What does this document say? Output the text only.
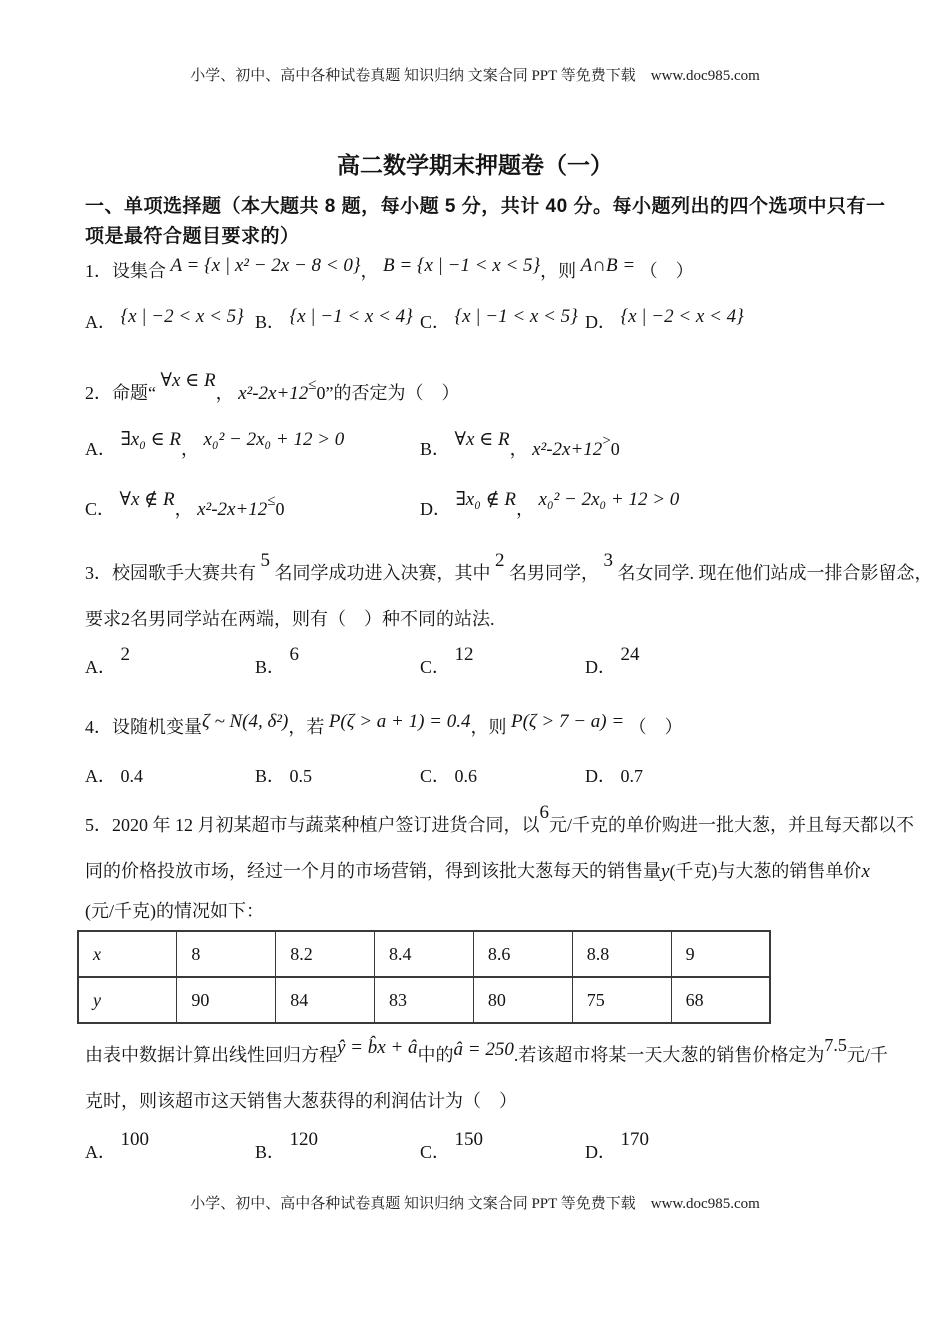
小学、初中、高中各种试卷真题 知识归纳 文案合同 PPT 等免费下载　www.doc985.com
高二数学期末押题卷（一）
一、单项选择题（本大题共 8 题，每小题 5 分，共计 40 分。每小题列出的四个选项中只有一
项是最符合题目要求的）
1．设集合 A = {x | x² − 2x − 8 < 0}， B = {x | −1 < x < 5}，则 A∩B = （　）
A． {x | −2 < x < 5} B． {x | −1 < x < 4} C． {x | −1 < x < 5} D． {x | −2 < x < 4}
2．命题“ ∀x ∈ R， x²-2x+12≤0”的否定为（　）
A． ∃x₀ ∈ R， x₀² − 2x₀ + 12 > 0	B． ∀x ∈ R， x²-2x+12>0
C． ∀x ∉ R， x²-2x+12≤0	D． ∃x₀ ∉ R， x₀² − 2x₀ + 12 > 0
3．校园歌手大赛共有 5 名同学成功进入决赛，其中 2 名男同学， 3 名女同学. 现在他们站成一排合影留念，
要求2名男同学站在两端，则有（　）种不同的站法.
A． 2
B． 6
C． 12
D． 24
4．设随机变量ζ ~ N(4, δ²)，若 P(ζ > a + 1) = 0.4，则 P(ζ > 7 − a) = （　）
A． 0.4	B． 0.5	C． 0.6	D． 0.7
5．2020 年 12 月初某超市与蔬菜种植户签订进货合同，以6元/千克的单价购进一批大葱，并且每天都以不
同的价格投放市场，经过一个月的市场营销，得到该批大葱每天的销售量y(千克)与大葱的销售单价x
(元/千克)的情况如下：
x	8	8.2	8.4	8.6	8.8	9
y	90	84	83	80	75	68
由表中数据计算出线性回归方程ŷ = b̂x + â中的â = 250.若该超市将某一天大葱的销售价格定为7.5元/千
克时，则该超市这天销售大葱获得的利润估计为（　）
A． 100
B． 120
C． 150
D． 170
小学、初中、高中各种试卷真题 知识归纳 文案合同 PPT 等免费下载　www.doc985.com
